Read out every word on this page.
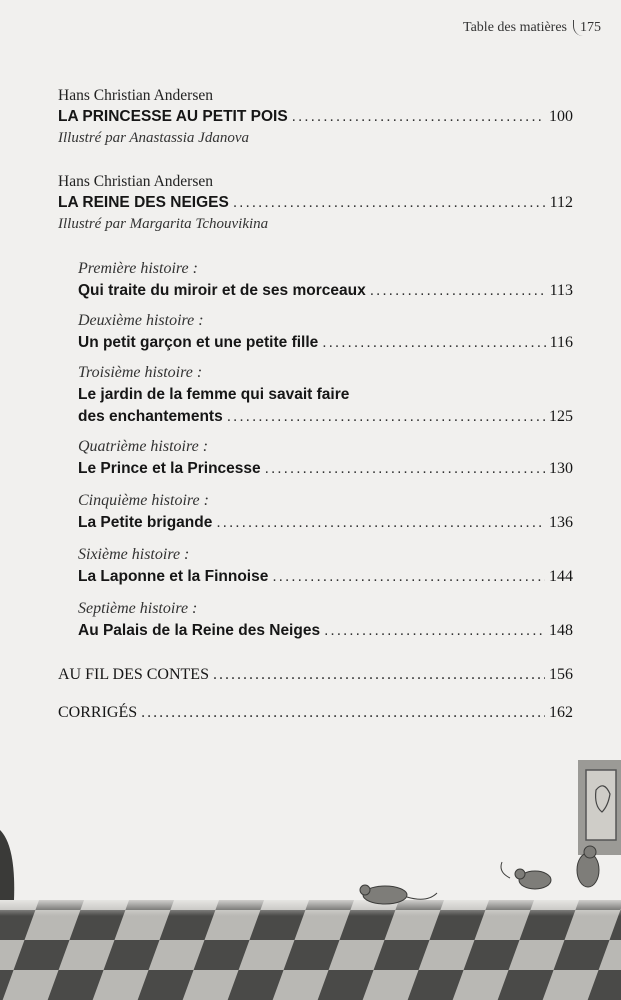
Table des matières 175
Hans Christian Andersen
LA PRINCESSE AU PETIT POIS .....	100
Illustré par Anastassia Jdanova
Hans Christian Andersen
LA REINE DES NEIGES .....	112
Illustré par Margarita Tchouvikina
Première histoire :
Qui traite du miroir et de ses morceaux .....	113
Deuxième histoire :
Un petit garçon et une petite fille .....	116
Troisième histoire :
Le jardin de la femme qui savait faire
des enchantements .....	125
Quatrième histoire :
Le Prince et la Princesse .....	130
Cinquième histoire :
La Petite brigande .....	136
Sixième histoire :
La Laponne et la Finnoise .....	144
Septième histoire :
Au Palais de la Reine des Neiges .....	148
AU FIL DES CONTES .....	156
CORRIGÉS .....	162
